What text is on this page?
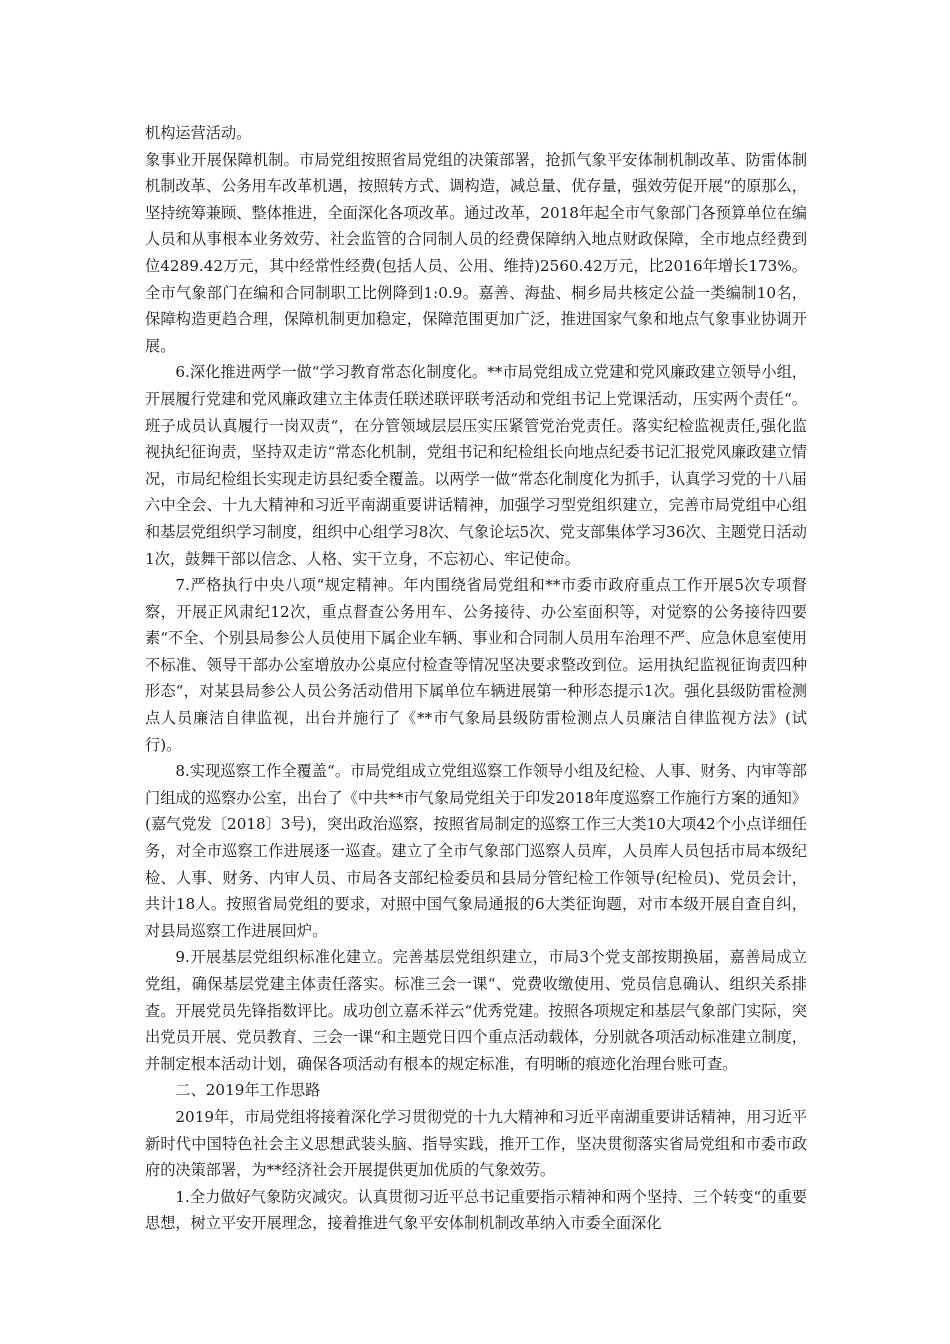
机构运营活动。

象事业开展保障机制。市局党组按照省局党组的决策部署，抢抓气象平安体制机制改革、防雷体制机制改革、公务用车改革机遇，按照转方式、调构造，减总量、优存量，强效劳促开展“的原那么，坚持统筹兼顾、整体推进，全面深化各项改革。通过改革，2018年起全市气象部门各预算单位在编人员和从事根本业务效劳、社会监管的合同制人员的经费保障纳入地点财政保障，全市地点经费到位4289.42万元，其中经常性经费(包括人员、公用、维持)2560.42万元，比2016年增长173%。全市气象部门在编和合同制职工比例降到1:0.9。嘉善、海盐、桐乡局共核定公益一类编制10名，保障构造更趋合理，保障机制更加稳定，保障范围更加广泛，推进国家气象和地点气象事业协调开展。

6.深化推进两学一做“学习教育常态化制度化。**市局党组成立党建和党风廉政建立领导小组，开展履行党建和党风廉政建立主体责任联述联评联考活动和党组书记上党课活动，压实两个责任“。班子成员认真履行一岗双责“，在分管领域层层压实压紧管党治党责任。落实纪检监视责任,强化监视执纪征询责，坚持双走访“常态化机制，党组书记和纪检组长向地点纪委书记汇报党风廉政建立情况，市局纪检组长实现走访县纪委全覆盖。以两学一做“常态化制度化为抓手，认真学习党的十八届六中全会、十九大精神和习近平南湖重要讲话精神，加强学习型党组织建立，完善市局党组中心组和基层党组织学习制度，组织中心组学习8次、气象论坛5次、党支部集体学习36次、主题党日活动1次，鼓舞干部以信念、人格、实干立身，不忘初心、牢记使命。

7.严格执行中央八项“规定精神。年内围绕省局党组和**市委市政府重点工作开展5次专项督察，开展正风肃纪12次，重点督查公务用车、公务接待、办公室面积等，对觉察的公务接待四要素“不全、个别县局参公人员使用下属企业车辆、事业和合同制人员用车治理不严、应急休息室使用不标准、领导干部办公室增放办公桌应付检查等情况坚决要求整改到位。运用执纪监视征询责四种形态“，对某县局参公人员公务活动借用下属单位车辆进展第一种形态提示1次。强化县级防雷检测点人员廉洁自律监视，出台并施行了《**市气象局县级防雷检测点人员廉洁自律监视方法》(试行)。

8.实现巡察工作全覆盖“。市局党组成立党组巡察工作领导小组及纪检、人事、财务、内审等部门组成的巡察办公室，出台了《中共**市气象局党组关于印发2018年度巡察工作施行方案的通知》(嘉气党发〔2018〕3号)，突出政治巡察，按照省局制定的巡察工作三大类10大项42个小点详细任务，对全市巡察工作进展逐一巡查。建立了全市气象部门巡察人员库，人员库人员包括市局本级纪检、人事、财务、内审人员、市局各支部纪检委员和县局分管纪检工作领导(纪检员)、党员会计，共计18人。按照省局党组的要求，对照中国气象局通报的6大类征询题，对市本级开展自查自纠，对县局巡察工作进展回炉。

9.开展基层党组织标准化建立。完善基层党组织建立，市局3个党支部按期换届，嘉善局成立党组，确保基层党建主体责任落实。标准三会一课“、党费收缴使用、党员信息确认、组织关系排查。开展党员先锋指数评比。成功创立嘉禾祥云“优秀党建。按照各项规定和基层气象部门实际，突出党员开展、党员教育、三会一课“和主题党日四个重点活动载体，分别就各项活动标准建立制度，并制定根本活动计划，确保各项活动有根本的规定标准，有明晰的痕迹化治理台账可查。

二、2019年工作思路

2019年，市局党组将接着深化学习贯彻党的十九大精神和习近平南湖重要讲话精神，用习近平新时代中国特色社会主义思想武装头脑、指导实践，推开工作，坚决贯彻落实省局党组和市委市政府的决策部署，为**经济社会开展提供更加优质的气象效劳。

1.全力做好气象防灾减灾。认真贯彻习近平总书记重要指示精神和两个坚持、三个转变“的重要思想，树立平安开展理念，接着推进气象平安体制机制改革纳入市委全面深化
